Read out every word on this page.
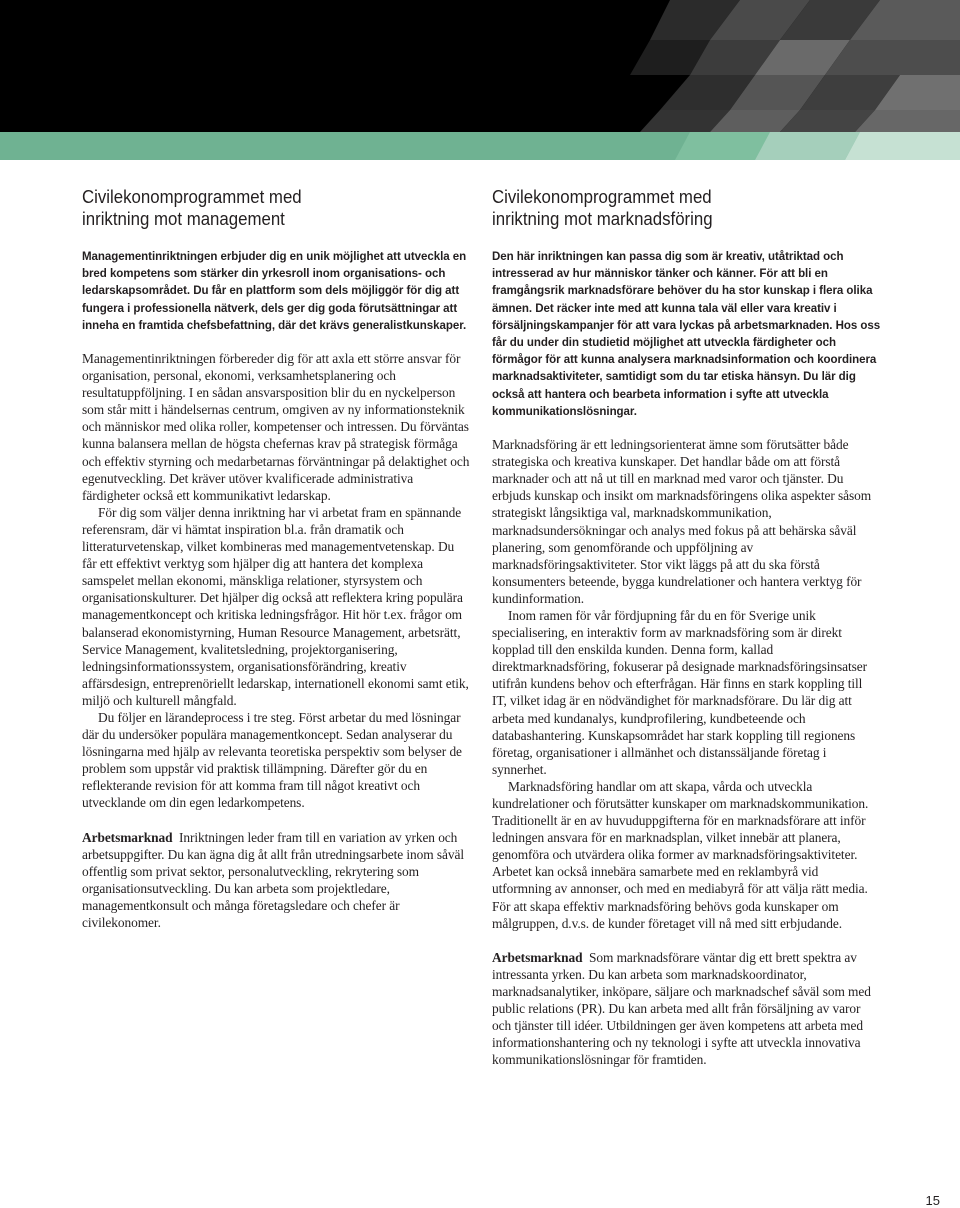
Civilekonomprogrammet med
inriktning mot management

Managementinriktningen erbjuder dig en unik möjlighet att utveckla en bred kompetens som stärker din yrkesroll inom organisations- och ledarskapsområdet. Du får en plattform som dels möjliggör för dig att fungera i professionella nätverk, dels ger dig goda förutsättningar att inneha en framtida chefsbefattning, där det krävs generalistkunskaper.

Managementinriktningen förbereder dig för att axla ett större ansvar för organisation, personal, ekonomi, verksamhetsplanering och resultatuppföljning. I en sådan ansvarsposition blir du en nyckelperson som står mitt i händelsernas centrum, omgiven av ny informationsteknik och människor med olika roller, kompetenser och intressen. Du förväntas kunna balansera mellan de högsta chefernas krav på strategisk förmåga och effektiv styrning och medarbetarnas förväntningar på delaktighet och egenutveckling. Det kräver utöver kvalificerade administrativa färdigheter också ett kommunikativt ledarskap.

För dig som väljer denna inriktning har vi arbetat fram en spännande referensram, där vi hämtat inspiration bl.a. från dramatik och litteraturvetenskap, vilket kombineras med managementvetenskap. Du får ett effektivt verktyg som hjälper dig att hantera det komplexa samspelet mellan ekonomi, mänskliga relationer, styrsystem och organisationskulturer. Det hjälper dig också att reflektera kring populära managementkoncept och kritiska ledningsfrågor. Hit hör t.ex. frågor om balanserad ekonomistyrning, Human Resource Management, arbetsrätt, Service Management, kvalitetsledning, projektorganisering, ledningsinformationssystem, organisationsförändring, kreativ affärsdesign, entreprenöriellt ledarskap, internationell ekonomi samt etik, miljö och kulturell mångfald.

Du följer en lärandeprocess i tre steg. Först arbetar du med lösningar där du undersöker populära managementkoncept. Sedan analyserar du lösningarna med hjälp av relevanta teoretiska perspektiv som belyser de problem som uppstår vid praktisk tillämpning. Därefter gör du en reflekterande revision för att komma fram till något kreativt och utvecklande om din egen ledarkompetens.

Arbetsmarknad Inriktningen leder fram till en variation av yrken och arbetsuppgifter. Du kan ägna dig åt allt från utredningsarbete inom såväl offentlig som privat sektor, personalutveckling, rekrytering som organisationsutveckling. Du kan arbeta som projektledare, managementkonsult och många företagsledare och chefer är civilekonomer.

Civilekonomprogrammet med
inriktning mot marknadsföring

Den här inriktningen kan passa dig som är kreativ, utåtriktad och intresserad av hur människor tänker och känner. För att bli en framgångsrik marknadsförare behöver du ha stor kunskap i flera olika ämnen. Det räcker inte med att kunna tala väl eller vara kreativ i försäljningskampanjer för att vara lyckas på arbetsmarknaden. Hos oss får du under din studietid möjlighet att utveckla färdigheter och förmågor för att kunna analysera marknadsinformation och koordinera marknadsaktiviteter, samtidigt som du tar etiska hänsyn. Du lär dig också att hantera och bearbeta information i syfte att utveckla kommunikationslösningar.

Marknadsföring är ett ledningsorienterat ämne som förutsätter både strategiska och kreativa kunskaper. Det handlar både om att förstå marknader och att nå ut till en marknad med varor och tjänster. Du erbjuds kunskap och insikt om marknadsföringens olika aspekter såsom strategiskt långsiktiga val, marknadskommunikation, marknadsundersökningar och analys med fokus på att behärska såväl planering, som genomförande och uppföljning av marknadsföringsaktiviteter. Stor vikt läggs på att du ska förstå konsumenters beteende, bygga kundrelationer och hantera verktyg för kundinformation.

Inom ramen för vår fördjupning får du en för Sverige unik specialisering, en interaktiv form av marknadsföring som är direkt kopplad till den enskilda kunden. Denna form, kallad direktmarknadsföring, fokuserar på designade marknadsföringsinsatser utifrån kundens behov och efterfrågan. Här finns en stark koppling till IT, vilket idag är en nödvändighet för marknadsförare. Du lär dig att arbeta med kundanalys, kundprofilering, kundbeteende och databashantering. Kunskapsområdet har stark koppling till regionens företag, organisationer i allmänhet och distanssäljande företag i synnerhet.

Marknadsföring handlar om att skapa, vårda och utveckla kundrelationer och förutsätter kunskaper om marknadskommunikation. Traditionellt är en av huvuduppgifterna för en marknadsförare att inför ledningen ansvara för en marknadsplan, vilket innebär att planera, genomföra och utvärdera olika former av marknadsföringsaktiviteter. Arbetet kan också innebära samarbete med en reklambyrå vid utformning av annonser, och med en mediabyrå för att välja rätt media. För att skapa effektiv marknadsföring behövs goda kunskaper om målgruppen, d.v.s. de kunder företaget vill nå med sitt erbjudande.

Arbetsmarknad Som marknadsförare väntar dig ett brett spektra av intressanta yrken. Du kan arbeta som marknadskoordinator, marknadsanalytiker, inköpare, säljare och marknadschef såväl som med public relations (PR). Du kan arbeta med allt från försäljning av varor och tjänster till idéer. Utbildningen ger även kompetens att arbeta med informationshantering och ny teknologi i syfte att utveckla innovativa kommunikationslösningar för framtiden.

15
